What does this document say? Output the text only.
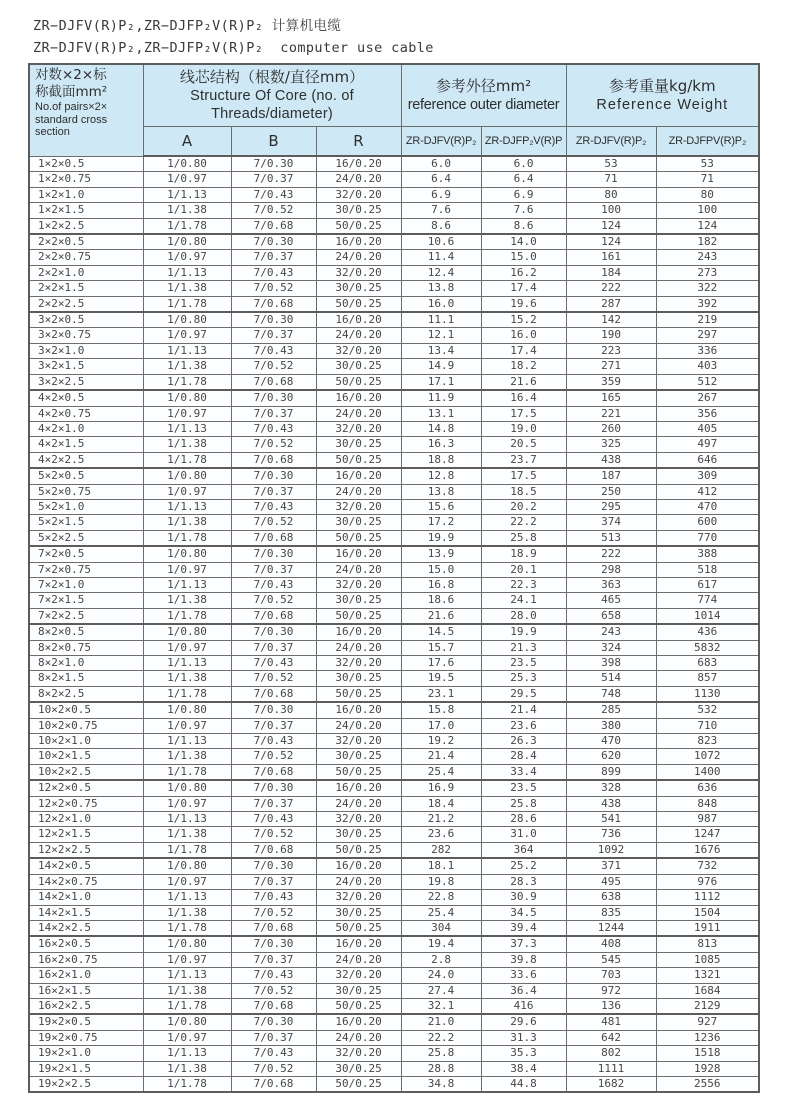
ZR−DJFV(R)P₂,ZR−DJFP₂V(R)P₂ 计算机电缆
ZR−DJFV(R)P₂,ZR−DJFP₂V(R)P₂  computer use cable
对数×2×标
称截面mm²
No.of pairs×2×
standard cross
section

线芯结构（根数/直径mm）
Structure Of Core (no. of
Threads/diameter)

参考外径mm²
reference outer diameter

参考重量kg/km
Reference Weight

	A	B	R	ZR-DJFV(R)P₂	ZR-DJFP₂V(R)P	ZR-DJFV(R)P₂	ZR-DJFPV(R)P₂
1×2×0.5	1/0.80	7/0.30	16/0.20	6.0	6.0	53	53
1×2×0.75	1/0.97	7/0.37	24/0.20	6.4	6.4	71	71
1×2×1.0	1/1.13	7/0.43	32/0.20	6.9	6.9	80	80
1×2×1.5	1/1.38	7/0.52	30/0.25	7.6	7.6	100	100
1×2×2.5	1/1.78	7/0.68	50/0.25	8.6	8.6	124	124
2×2×0.5	1/0.80	7/0.30	16/0.20	10.6	14.0	124	182
2×2×0.75	1/0.97	7/0.37	24/0.20	11.4	15.0	161	243
2×2×1.0	1/1.13	7/0.43	32/0.20	12.4	16.2	184	273
2×2×1.5	1/1.38	7/0.52	30/0.25	13.8	17.4	222	322
2×2×2.5	1/1.78	7/0.68	50/0.25	16.0	19.6	287	392
3×2×0.5	1/0.80	7/0.30	16/0.20	11.1	15.2	142	219
3×2×0.75	1/0.97	7/0.37	24/0.20	12.1	16.0	190	297
3×2×1.0	1/1.13	7/0.43	32/0.20	13.4	17.4	223	336
3×2×1.5	1/1.38	7/0.52	30/0.25	14.9	18.2	271	403
3×2×2.5	1/1.78	7/0.68	50/0.25	17.1	21.6	359	512
4×2×0.5	1/0.80	7/0.30	16/0.20	11.9	16.4	165	267
4×2×0.75	1/0.97	7/0.37	24/0.20	13.1	17.5	221	356
4×2×1.0	1/1.13	7/0.43	32/0.20	14.8	19.0	260	405
4×2×1.5	1/1.38	7/0.52	30/0.25	16.3	20.5	325	497
4×2×2.5	1/1.78	7/0.68	50/0.25	18.8	23.7	438	646
5×2×0.5	1/0.80	7/0.30	16/0.20	12.8	17.5	187	309
5×2×0.75	1/0.97	7/0.37	24/0.20	13.8	18.5	250	412
5×2×1.0	1/1.13	7/0.43	32/0.20	15.6	20.2	295	470
5×2×1.5	1/1.38	7/0.52	30/0.25	17.2	22.2	374	600
5×2×2.5	1/1.78	7/0.68	50/0.25	19.9	25.8	513	770
7×2×0.5	1/0.80	7/0.30	16/0.20	13.9	18.9	222	388
7×2×0.75	1/0.97	7/0.37	24/0.20	15.0	20.1	298	518
7×2×1.0	1/1.13	7/0.43	32/0.20	16.8	22.3	363	617
7×2×1.5	1/1.38	7/0.52	30/0.25	18.6	24.1	465	774
7×2×2.5	1/1.78	7/0.68	50/0.25	21.6	28.0	658	1014
8×2×0.5	1/0.80	7/0.30	16/0.20	14.5	19.9	243	436
8×2×0.75	1/0.97	7/0.37	24/0.20	15.7	21.3	324	5832
8×2×1.0	1/1.13	7/0.43	32/0.20	17.6	23.5	398	683
8×2×1.5	1/1.38	7/0.52	30/0.25	19.5	25.3	514	857
8×2×2.5	1/1.78	7/0.68	50/0.25	23.1	29.5	748	1130
10×2×0.5	1/0.80	7/0.30	16/0.20	15.8	21.4	285	532
10×2×0.75	1/0.97	7/0.37	24/0.20	17.0	23.6	380	710
10×2×1.0	1/1.13	7/0.43	32/0.20	19.2	26.3	470	823
10×2×1.5	1/1.38	7/0.52	30/0.25	21.4	28.4	620	1072
10×2×2.5	1/1.78	7/0.68	50/0.25	25.4	33.4	899	1400
12×2×0.5	1/0.80	7/0.30	16/0.20	16.9	23.5	328	636
12×2×0.75	1/0.97	7/0.37	24/0.20	18.4	25.8	438	848
12×2×1.0	1/1.13	7/0.43	32/0.20	21.2	28.6	541	987
12×2×1.5	1/1.38	7/0.52	30/0.25	23.6	31.0	736	1247
12×2×2.5	1/1.78	7/0.68	50/0.25	282	364	1092	1676
14×2×0.5	1/0.80	7/0.30	16/0.20	18.1	25.2	371	732
14×2×0.75	1/0.97	7/0.37	24/0.20	19.8	28.3	495	976
14×2×1.0	1/1.13	7/0.43	32/0.20	22.8	30.9	638	1112
14×2×1.5	1/1.38	7/0.52	30/0.25	25.4	34.5	835	1504
14×2×2.5	1/1.78	7/0.68	50/0.25	304	39.4	1244	1911
16×2×0.5	1/0.80	7/0.30	16/0.20	19.4	37.3	408	813
16×2×0.75	1/0.97	7/0.37	24/0.20	2.8	39.8	545	1085
16×2×1.0	1/1.13	7/0.43	32/0.20	24.0	33.6	703	1321
16×2×1.5	1/1.38	7/0.52	30/0.25	27.4	36.4	972	1684
16×2×2.5	1/1.78	7/0.68	50/0.25	32.1	416	136	2129
19×2×0.5	1/0.80	7/0.30	16/0.20	21.0	29.6	481	927
19×2×0.75	1/0.97	7/0.37	24/0.20	22.2	31.3	642	1236
19×2×1.0	1/1.13	7/0.43	32/0.20	25.8	35.3	802	1518
19×2×1.5	1/1.38	7/0.52	30/0.25	28.8	38.4	1111	1928
19×2×2.5	1/1.78	7/0.68	50/0.25	34.8	44.8	1682	2556
